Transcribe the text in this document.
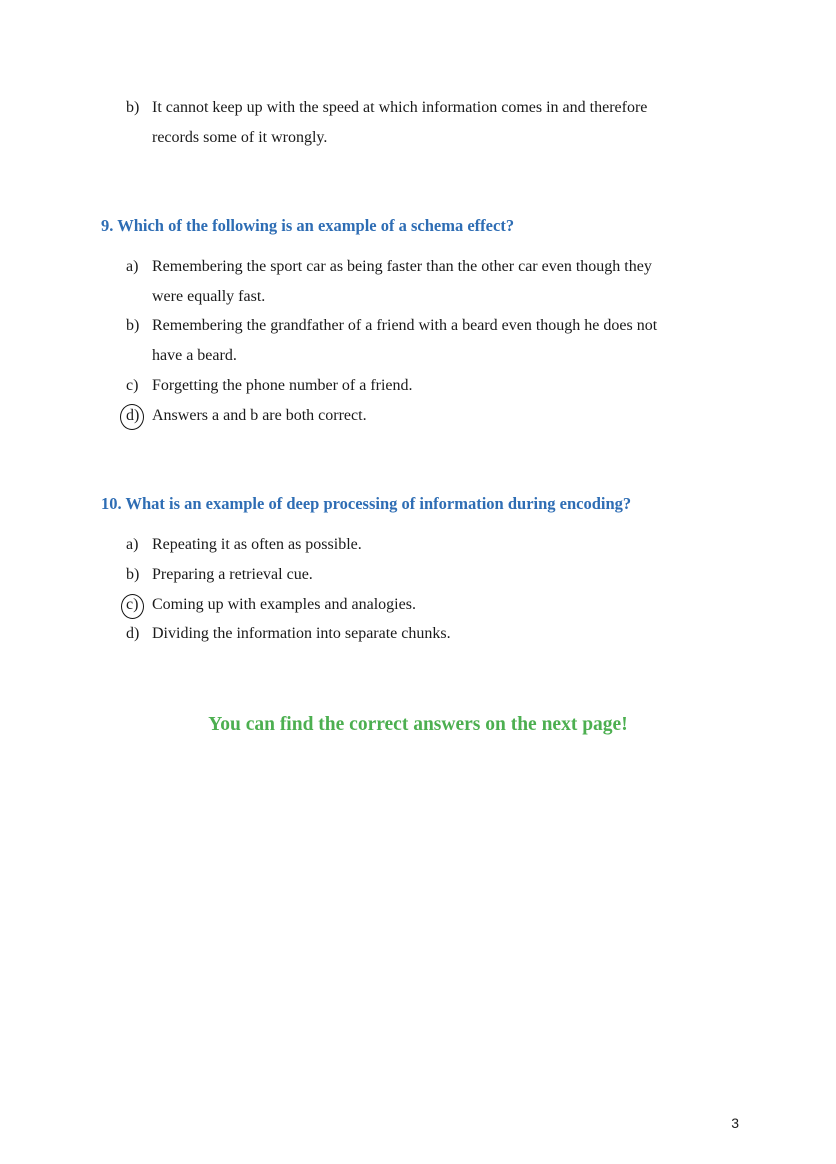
b) It cannot keep up with the speed at which information comes in and therefore
records some of it wrongly.
9. Which of the following is an example of a schema effect?
a) Remembering the sport car as being faster than the other car even though they
were equally fast.
b) Remembering the grandfather of a friend with a beard even though he does not
have a beard.
c) Forgetting the phone number of a friend.
d) Answers a and b are both correct.
10. What is an example of deep processing of information during encoding?
a) Repeating it as often as possible.
b) Preparing a retrieval cue.
c) Coming up with examples and analogies.
d) Dividing the information into separate chunks.
You can find the correct answers on the next page!
3
